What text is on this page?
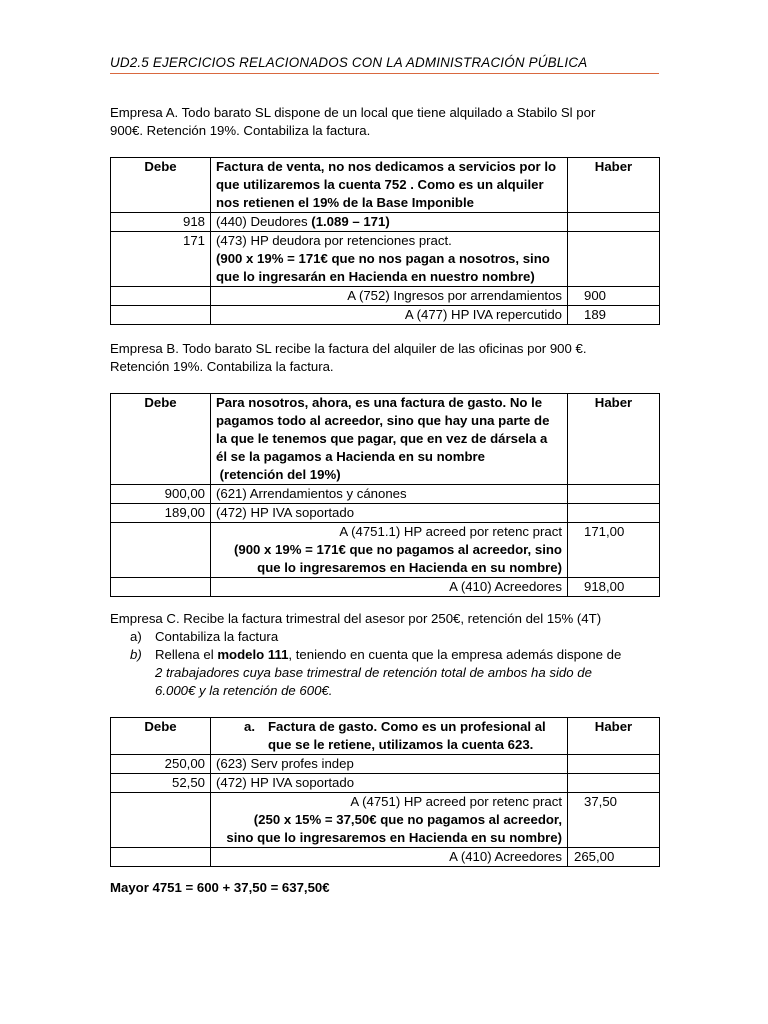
UD2.5 EJERCICIOS RELACIONADOS CON LA ADMINISTRACIÓN PÚBLICA

Empresa A. Todo barato SL dispone de un local que tiene alquilado a Stabilo Sl por

900€. Retención 19%. Contabiliza la factura.

Debe	Factura de venta, no nos dedicamos a servicios por lo
que utilizaremos la cuenta 752 . Como es un alquiler
nos retienen el 19% de la Base Imponible	Haber
918	(440) Deudores (1.089 – 171)	
171	(473) HP deudora por retenciones pract.
(900 x 19% = 171€ que no nos pagan a nosotros, sino
que lo ingresarán en Hacienda en nuestro nombre)	

	A (752) Ingresos por arrendamientos	900
	A (477) HP IVA repercutido	189

Empresa B. Todo barato SL recibe la factura del alquiler de las oficinas por 900 €.

Retención 19%. Contabiliza la factura.

Debe	Para nosotros, ahora, es una factura de gasto. No le
pagamos todo al acreedor, sino que hay una parte de
la que le tenemos que pagar, que en vez de dársela a
él se la pagamos a Hacienda en su nombre
(retención del 19%)	Haber
900,00	(621) Arrendamientos y cánones	
189,00	(472) HP IVA soportado	

	A (4751.1) HP acreed por retenc pract
(900 x 19% = 171€ que no pagamos al acreedor, sino
que lo ingresaremos en Hacienda en su nombre)	171,00
	A (410) Acreedores	918,00
Empresa C. Recibe la factura trimestral del asesor por 250€, retención del 15% (4T)
a)	Contabiliza la factura
b)	Rellena el modelo 111, teniendo en cuenta que la empresa además dispone de
2 trabajadores cuya base trimestral de retención total de ambos ha sido de
6.000€ y la retención de 600€.
Debe	a. Factura de gasto. Como es un profesional al
que se le retiene, utilizamos la cuenta 623.	Haber
250,00	(623) Serv profes indep	
52,50	(472) HP IVA soportado	

	A (4751) HP acreed por retenc pract
(250 x 15% = 37,50€ que no pagamos al acreedor,
sino que lo ingresaremos en Hacienda en su nombre)	37,50
	A (410) Acreedores	265,00
Mayor 4751 = 600 + 37,50 = 637,50€
